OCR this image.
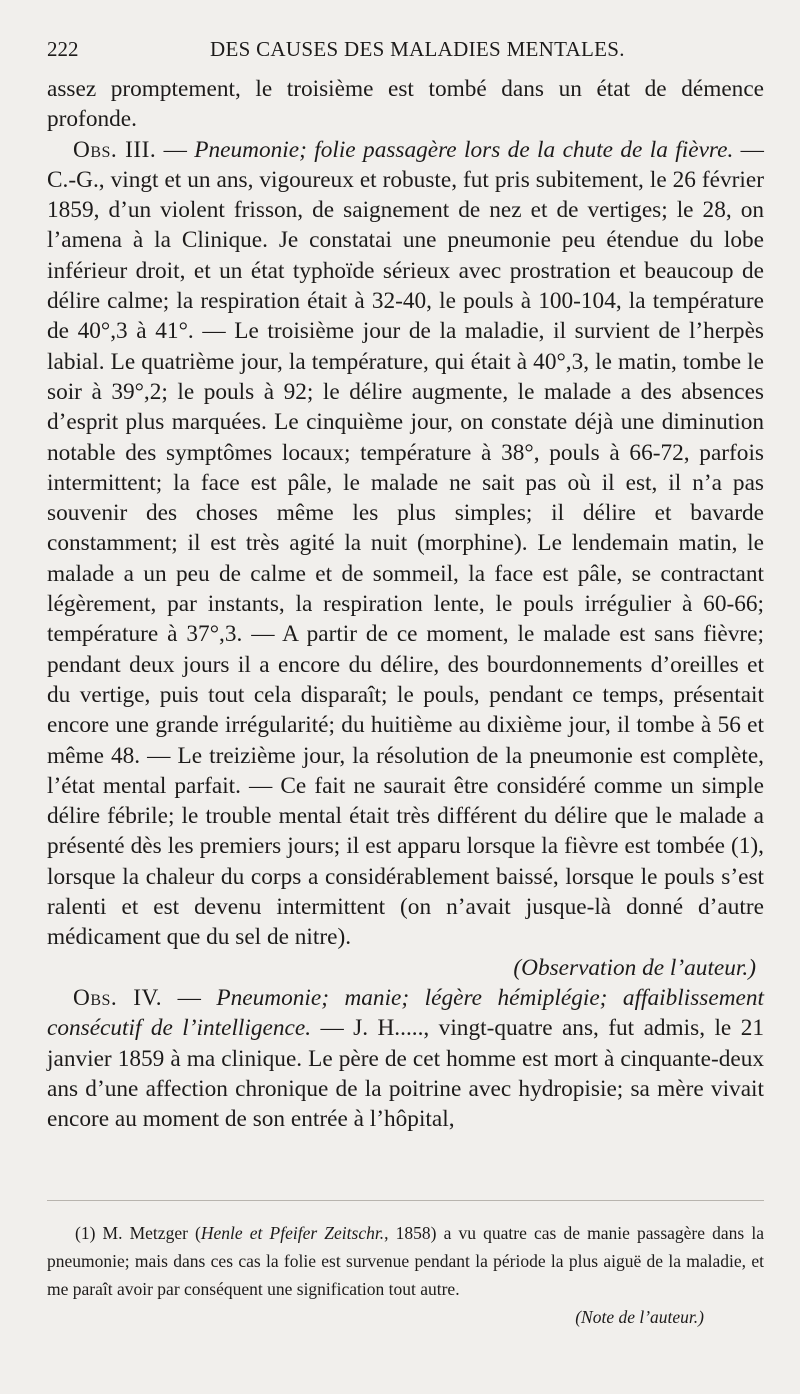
222	DES CAUSES DES MALADIES MENTALES.

assez promptement, le troisième est tombé dans un état de démence profonde.

Obs. III. — Pneumonie; folie passagère lors de la chute de la fièvre. — C.-G., vingt et un ans, vigoureux et robuste, fut pris subitement, le 26 février 1859, d’un violent frisson, de saignement de nez et de vertiges; le 28, on l’amena à la Clinique. Je constatai une pneumonie peu étendue du lobe inférieur droit, et un état typhoïde sérieux avec prostration et beaucoup de délire calme; la respiration était à 32-40, le pouls à 100-104, la température de 40°,3 à 41°. — Le troisième jour de la maladie, il survient de l’herpès labial. Le quatrième jour, la température, qui était à 40°,3, le matin, tombe le soir à 39°,2; le pouls à 92; le délire augmente, le malade a des absences d’esprit plus marquées. Le cinquième jour, on constate déjà une diminution notable des symptômes locaux; température à 38°, pouls à 66-72, parfois intermittent; la face est pâle, le malade ne sait pas où il est, il n’a pas souvenir des choses même les plus simples; il délire et bavarde constamment; il est très agité la nuit (morphine). Le lendemain matin, le malade a un peu de calme et de sommeil, la face est pâle, se contractant légèrement, par instants, la respiration lente, le pouls irrégulier à 60-66; température à 37°,3. — A partir de ce moment, le malade est sans fièvre; pendant deux jours il a encore du délire, des bourdonnements d’oreilles et du vertige, puis tout cela disparaît; le pouls, pendant ce temps, présentait encore une grande irrégularité; du huitième au dixième jour, il tombe à 56 et même 48. — Le treizième jour, la résolution de la pneumonie est complète, l’état mental parfait. — Ce fait ne saurait être considéré comme un simple délire fébrile; le trouble mental était très différent du délire que le malade a présenté dès les premiers jours; il est apparu lorsque la fièvre est tombée (1), lorsque la chaleur du corps a considérablement baissé, lorsque le pouls s’est ralenti et est devenu intermittent (on n’avait jusque-là donné d’autre médicament que du sel de nitre).

(Observation de l’auteur.)

Obs. IV. — Pneumonie; manie; légère hémiplégie; affaiblissement consécutif de l’intelligence. — J. H....., vingt-quatre ans, fut admis, le 21 janvier 1859 à ma clinique. Le père de cet homme est mort à cinquante-deux ans d’une affection chronique de la poitrine avec hydropisie; sa mère vivait encore au moment de son entrée à l’hôpital,

(1) M. Metzger (Henle et Pfeifer Zeitschr., 1858) a vu quatre cas de manie passagère dans la pneumonie; mais dans ces cas la folie est survenue pendant la période la plus aiguë de la maladie, et me paraît avoir par conséquent une signification tout autre.

(Note de l’auteur.)
